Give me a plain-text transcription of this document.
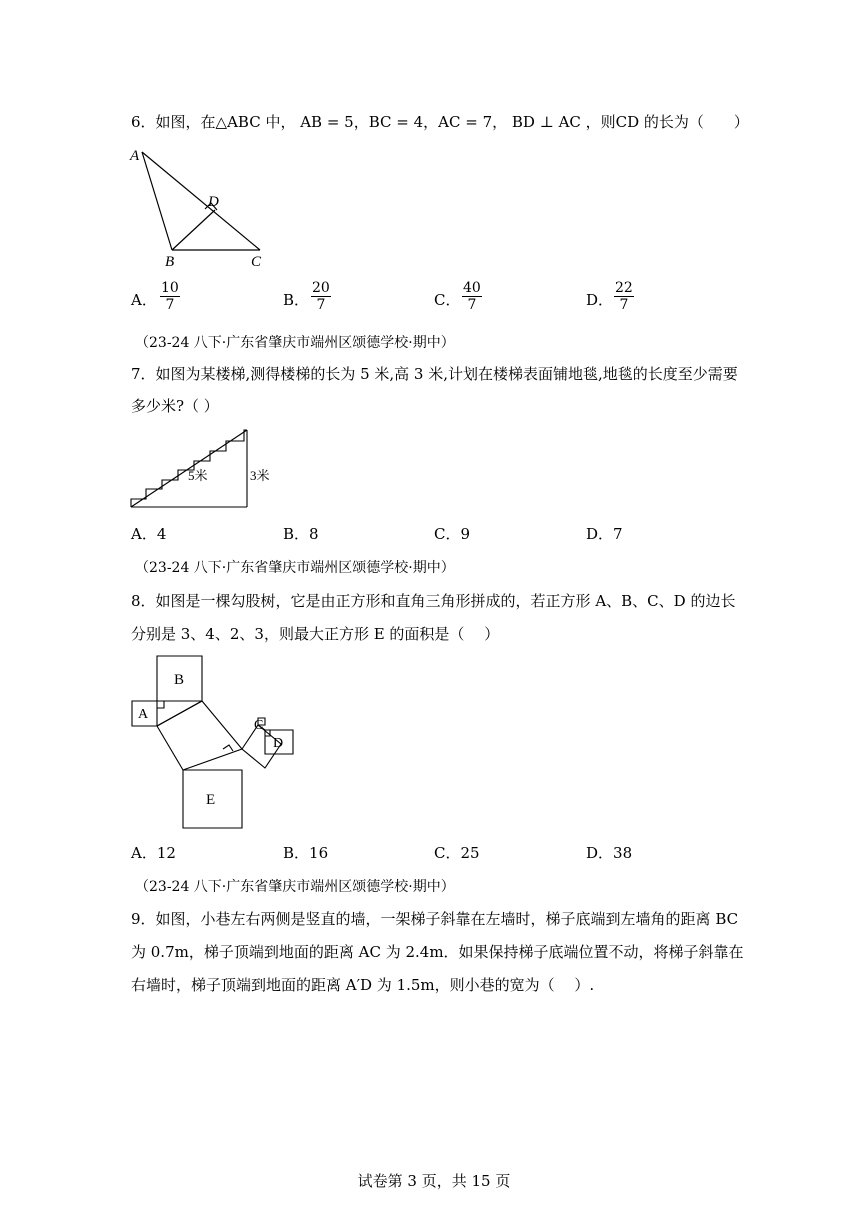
6．如图，在△ABC 中， AB = 5，BC = 4，AC = 7， BD ⊥ AC ，则CD 的长为（　　）
A
D
B	C
A． $\frac{10}{7}$	B． $\frac{20}{7}$	C． $\frac{40}{7}$	D． $\frac{22}{7}$
（23-24 八下·广东省肇庆市端州区颂德学校·期中）
7．如图为某楼梯,测得楼梯的长为 5 米,高 3 米,计划在楼梯表面铺地毯,地毯的长度至少需要
多少米?（ ）
5米	3米
A．4	B．8	C．9	D．7
（23-24 八下·广东省肇庆市端州区颂德学校·期中）
8．如图是一棵勾股树，它是由正方形和直角三角形拼成的，若正方形 A、B、C、D 的边长
分别是 3、4、2、3，则最大正方形 E 的面积是（　 ）
B
A
C
D
E
A．12	B．16	C．25	D．38
（23-24 八下·广东省肇庆市端州区颂德学校·期中）
9．如图，小巷左右两侧是竖直的墙，一架梯子斜靠在左墙时，梯子底端到左墙角的距离 BC
为 0.7m，梯子顶端到地面的距离 AC 为 2.4m．如果保持梯子底端位置不动，将梯子斜靠在
右墙时，梯子顶端到地面的距离 A′D 为 1.5m，则小巷的宽为（　 ）.
试卷第 3 页，共 15 页
